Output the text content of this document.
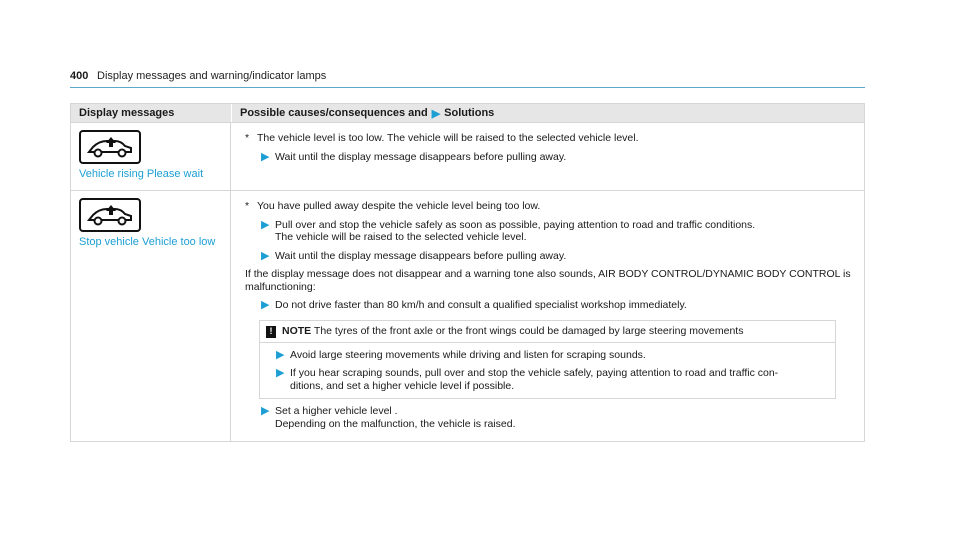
400 Display messages and warning/indicator lamps
Display messages	Possible causes/consequences and ▶ Solutions
Vehicle rising Please wait
* The vehicle level is too low. The vehicle will be raised to the selected vehicle level.
▶ Wait until the display message disappears before pulling away.
Stop vehicle Vehicle too low
* You have pulled away despite the vehicle level being too low.
▶ Pull over and stop the vehicle safely as soon as possible, paying attention to road and traffic conditions.
The vehicle will be raised to the selected vehicle level.
▶ Wait until the display message disappears before pulling away.
If the display message does not disappear and a warning tone also sounds, AIR BODY CONTROL/DYNAMIC BODY CONTROL is malfunctioning:
▶ Do not drive faster than 80 km/h and consult a qualified specialist workshop immediately.
! NOTE The tyres of the front axle or the front wings could be damaged by large steering movements
▶ Avoid large steering movements while driving and listen for scraping sounds.
▶ If you hear scraping sounds, pull over and stop the vehicle safely, paying attention to road and traffic con-
ditions, and set a higher vehicle level if possible.
▶ Set a higher vehicle level .
Depending on the malfunction, the vehicle is raised.
